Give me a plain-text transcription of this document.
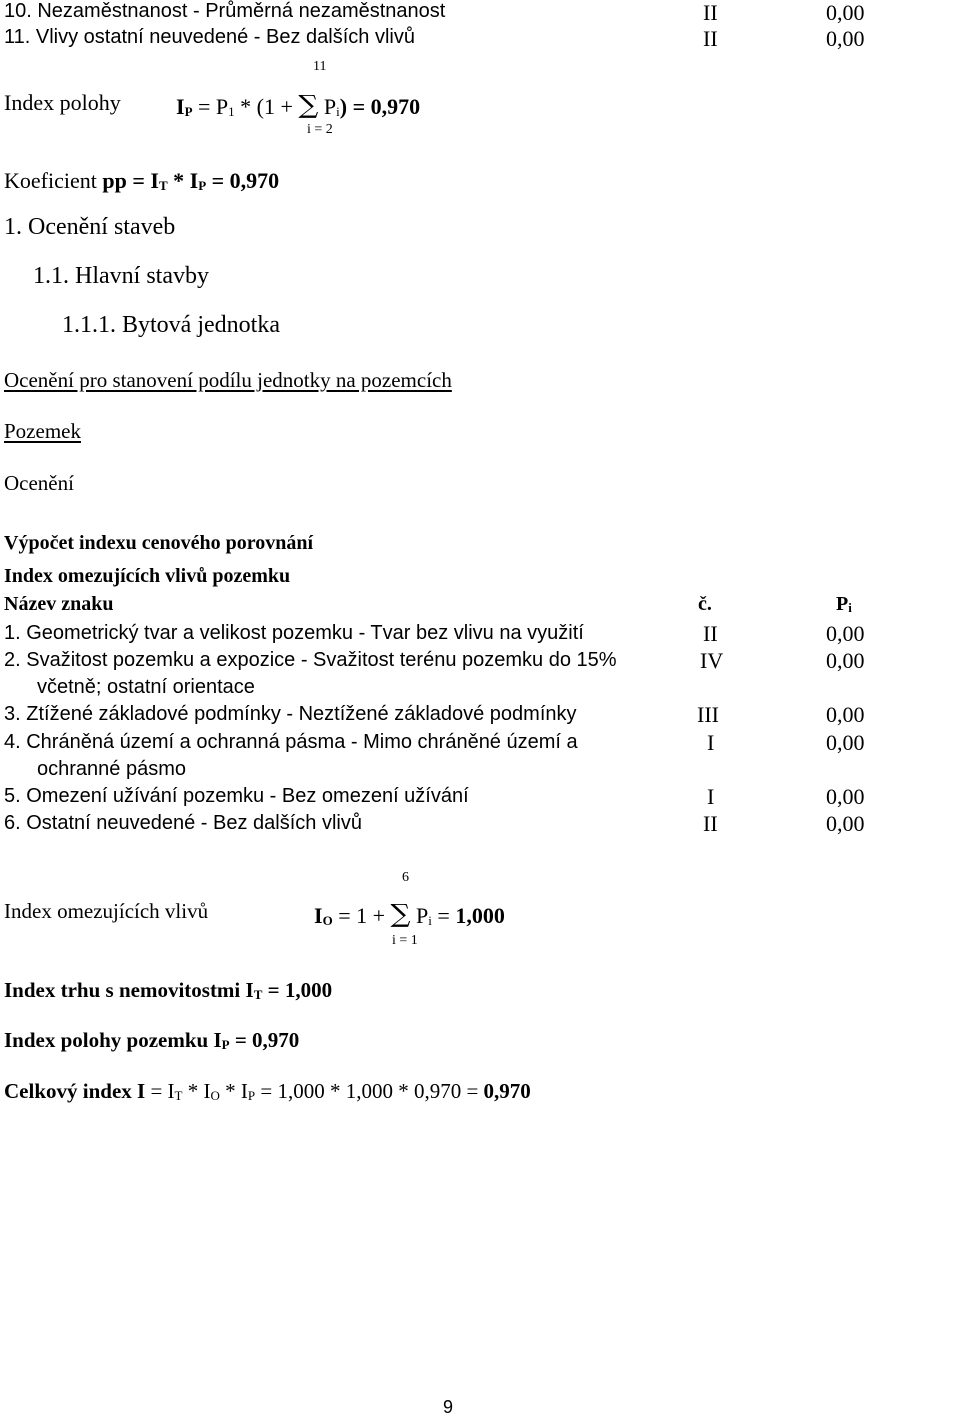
10. Nezaměstnanost - Průměrná nezaměstnanost	II	0,00
11. Vlivy ostatní neuvedené - Bez dalších vlivů	II	0,00
11
Index polohy	$I_P = P_1 * (1$ + ∑ $P_i) = 0,970$
i = 2
Koeficient pp = $I_T * I_P = 0,970$
1. Ocenění staveb
1.1. Hlavní stavby
1.1.1. Bytová jednotka
Ocenění pro stanovení podílu jednotky na pozemcích
Pozemek
Ocenění
Výpočet indexu cenového porovnání
Index omezujících vlivů pozemku
Název znaku	č.	$P_i$
1. Geometrický tvar a velikost pozemku - Tvar bez vlivu na využití	II	0,00
2. Svažitost pozemku a expozice - Svažitost terénu pozemku do 15%
včetně; ostatní orientace
IV	0,00
3. Ztížené základové podmínky - Neztížené základové podmínky	III	0,00
4. Chráněná území a ochranná pásma - Mimo chráněné území a
ochranné pásmo
I	0,00
5. Omezení užívání pozemku - Bez omezení užívání	I	0,00
6. Ostatní neuvedené - Bez dalších vlivů	II	0,00
6
Index omezujících vlivů	$I_O = 1$ + ∑ $P_i = 1,000$
i = 1
Index trhu s nemovitostmi $I_T = 1,000$
Index polohy pozemku $I_P = 0,970$
Celkový index $I = I_T * I_O * I_P = 1,000 * 1,000 * 0,970 = 0,970$
9
